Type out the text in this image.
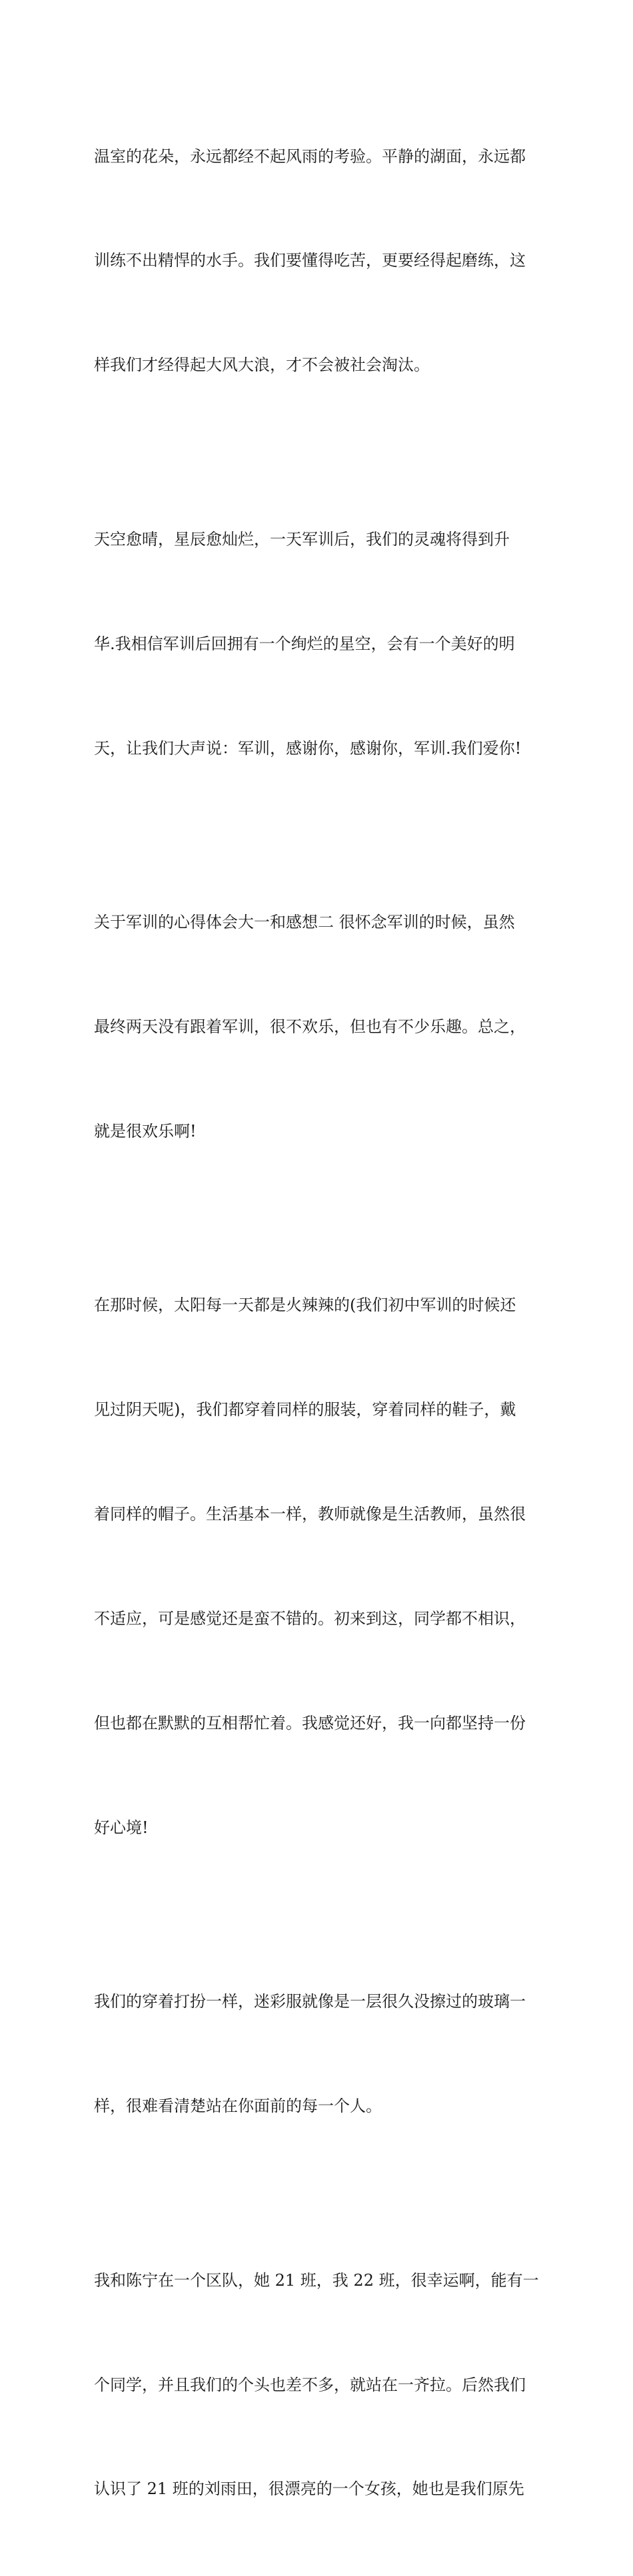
温室的花朵，永远都经不起风雨的考验。平静的湖面，永远都

训练不出精悍的水手。我们要懂得吃苦，更要经得起磨练，这

样我们才经得起大风大浪，才不会被社会淘汰。

天空愈晴，星辰愈灿烂，一天军训后，我们的灵魂将得到升

华.我相信军训后回拥有一个绚烂的星空，会有一个美好的明

天，让我们大声说：军训，感谢你，感谢你，军训.我们爱你!

关于军训的心得体会大一和感想二 很怀念军训的时候，虽然

最终两天没有跟着军训，很不欢乐，但也有不少乐趣。总之，

就是很欢乐啊!

在那时候，太阳每一天都是火辣辣的(我们初中军训的时候还

见过阴天呢)，我们都穿着同样的服装，穿着同样的鞋子，戴

着同样的帽子。生活基本一样，教师就像是生活教师，虽然很

不适应，可是感觉还是蛮不错的。初来到这，同学都不相识，

但也都在默默的互相帮忙着。我感觉还好，我一向都坚持一份

好心境!

我们的穿着打扮一样，迷彩服就像是一层很久没擦过的玻璃一

样，很难看清楚站在你面前的每一个人。

我和陈宁在一个区队，她 21 班，我 22 班，很幸运啊，能有一

个同学，并且我们的个头也差不多，就站在一齐拉。后然我们

认识了 21 班的刘雨田，很漂亮的一个女孩，她也是我们原先
